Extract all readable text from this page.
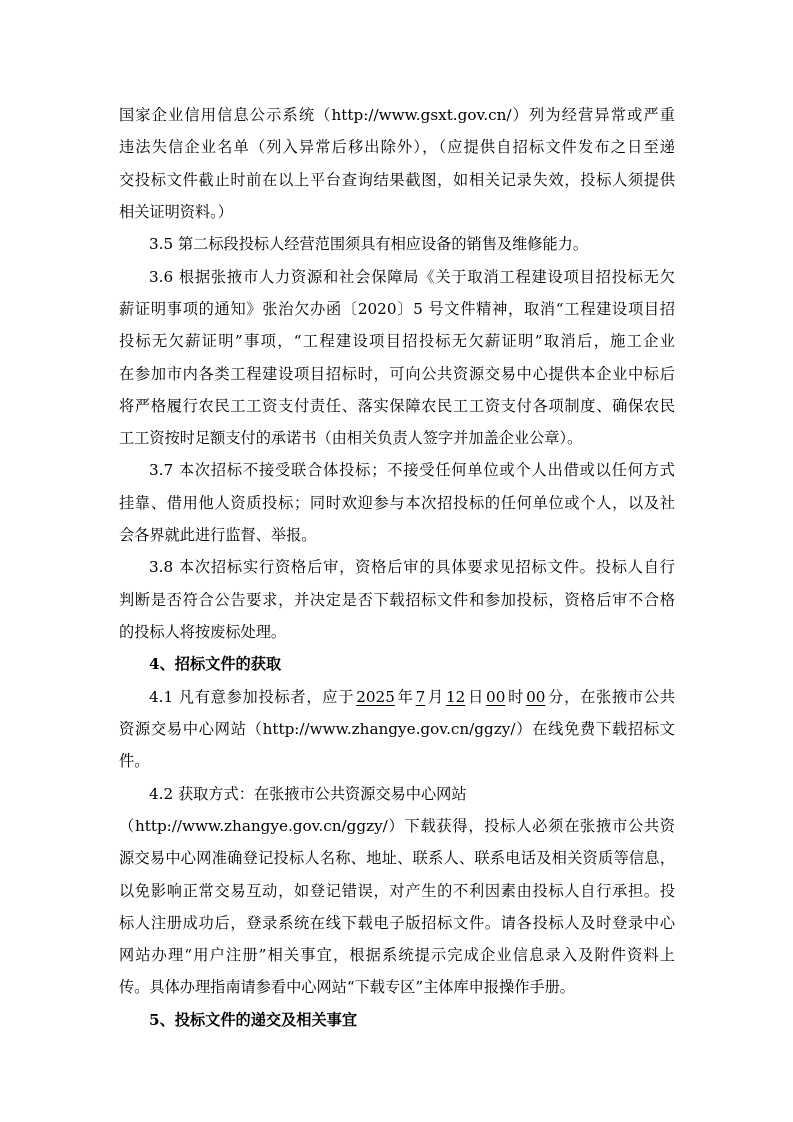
国家企业信用信息公示系统（http://www.gsxt.gov.cn/）列为经营异常或严重
违法失信企业名单（列入异常后移出除外），（应提供自招标文件发布之日至递
交投标文件截止时前在以上平台查询结果截图，如相关记录失效，投标人须提供
相关证明资料。）
3.5 第二标段投标人经营范围须具有相应设备的销售及维修能力。
3.6 根据张掖市人力资源和社会保障局《关于取消工程建设项目招投标无欠
薪证明事项的通知》张治欠办函〔2020〕5 号文件精神，取消“工程建设项目招
投标无欠薪证明”事项，“工程建设项目招投标无欠薪证明”取消后，施工企业
在参加市内各类工程建设项目招标时，可向公共资源交易中心提供本企业中标后
将严格履行农民工工资支付责任、落实保障农民工工资支付各项制度、确保农民
工工资按时足额支付的承诺书（由相关负责人签字并加盖企业公章）。
3.7 本次招标不接受联合体投标；不接受任何单位或个人出借或以任何方式
挂靠、借用他人资质投标；同时欢迎参与本次招投标的任何单位或个人，以及社
会各界就此进行监督、举报。
3.8 本次招标实行资格后审，资格后审的具体要求见招标文件。投标人自行
判断是否符合公告要求，并决定是否下载招标文件和参加投标，资格后审不合格
的投标人将按废标处理。
4、招标文件的获取
4.1 凡有意参加投标者，应于 2025 年 7 月 12 日 00 时 00 分，在张掖市公共
资源交易中心网站（http://www.zhangye.gov.cn/ggzy/）在线免费下载招标文
件。
4.2 获取方式：在张掖市公共资源交易中心网站
（http://www.zhangye.gov.cn/ggzy/）下载获得，投标人必须在张掖市公共资
源交易中心网准确登记投标人名称、地址、联系人、联系电话及相关资质等信息，
以免影响正常交易互动，如登记错误，对产生的不利因素由投标人自行承担。投
标人注册成功后，登录系统在线下载电子版招标文件。请各投标人及时登录中心
网站办理“用户注册”相关事宜，根据系统提示完成企业信息录入及附件资料上
传。具体办理指南请参看中心网站“下载专区”主体库申报操作手册。
5、投标文件的递交及相关事宜
